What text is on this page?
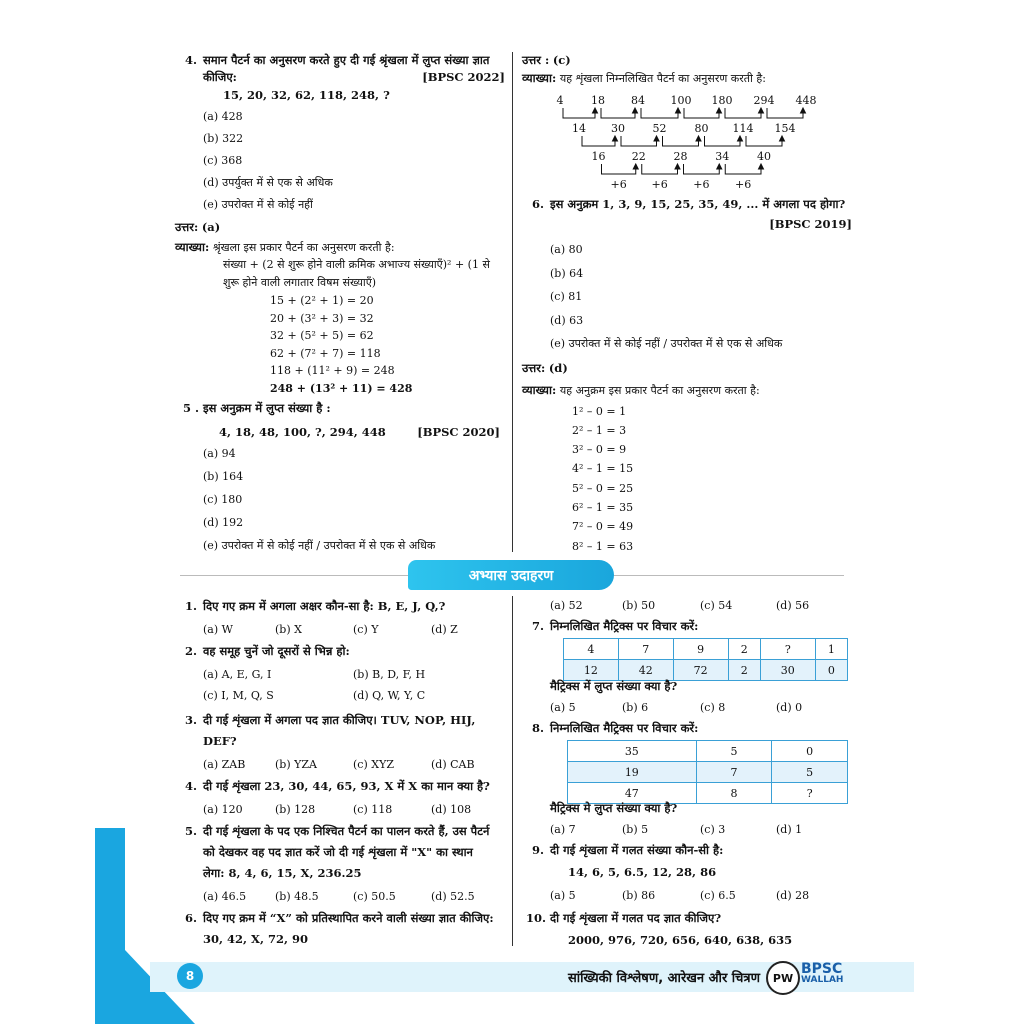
4. समान पैटर्न का अनुसरण करते हुए दी गई श्रृंखला में लुप्त संख्या ज्ञात
कीजिए:	[BPSC 2022]
15, 20, 32, 62, 118, 248, ?
(a) 428
(b) 322
(c) 368
(d) उपर्युक्त में से एक से अधिक
(e) उपरोक्त में से कोई नहीं
उत्तर: (a)
व्याख्या: श्रृंखला इस प्रकार पैटर्न का अनुसरण करती है:
संख्या + (2 से शुरू होने वाली क्रमिक अभाज्य संख्याएँ)² + (1 से
शुरू होने वाली लगातार विषम संख्याएँ)
15 + (2² + 1) = 20
20 + (3² + 3) = 32
32 + (5² + 5) = 62
62 + (7² + 7) = 118
118 + (11² + 9) = 248
248 + (13² + 11) = 428
5 . इस अनुक्रम में लुप्त संख्या है :
4, 18, 48, 100, ?, 294, 448	[BPSC 2020]
(a) 94
(b) 164
(c) 180
(d) 192
(e) उपरोक्त में से कोई नहीं / उपरोक्त में से एक से अधिक
उत्तर : (c)
व्याख्या: यह शृंखला निम्नलिखित पैटर्न का अनुसरण करती है:
4	18 84 100 180 294 448
14 30	52	80 114 154
16 22	28	34	40
+6 +6 +6 +6
6. इस अनुक्रम 1, 3, 9, 15, 25, 35, 49, ... में अगला पद होगा?
[BPSC 2019]
(a) 80
(b) 64
(c) 81
(d) 63
(e) उपरोक्त में से कोई नहीं / उपरोक्त में से एक से अधिक
उत्तर: (d)
व्याख्या: यह अनुक्रम इस प्रकार पैटर्न का अनुसरण करता है:
1² – 0 = 1
2² – 1 = 3
3² – 0 = 9
4² – 1 = 15
5² – 0 = 25
6² – 1 = 35
7² – 0 = 49
8² – 1 = 63
अभ्यास उदाहरण
1. दिए गए क्रम में अगला अक्षर कौन-सा है: B, E, J, Q,?
(a) W	(b) X	(c) Y	(d) Z
2. वह समूह चुनें जो दूसरों से भिन्न हो:
(a) A, E, G, I	(b) B, D, F, H
(c) I, M, Q, S	(d) Q, W, Y, C
3. दी गई शृंखला में अगला पद ज्ञात कीजिए। TUV, NOP, HIJ,
DEF?
(a) ZAB	(b) YZA	(c) XYZ	(d) CAB
4. दी गई शृंखला 23, 30, 44, 65, 93, X में X का मान क्या है?
(a) 120	(b) 128	(c) 118	(d) 108
5. दी गई शृंखला के पद एक निश्चित पैटर्न का पालन करते हैं, उस पैटर्न
को देखकर वह पद ज्ञात करें जो दी गई शृंखला में "X" का स्थान
लेगा: 8, 4, 6, 15, X, 236.25
(a) 46.5	(b) 48.5	(c) 50.5	(d) 52.5
6. दिए गए क्रम में “X” को प्रतिस्थापित करने वाली संख्या ज्ञात कीजिए:
30, 42, X, 72, 90
(a) 52	(b) 50	(c) 54	(d) 56
7. निम्नलिखित मैट्रिक्स पर विचार करें:
4	7	9	2	?	1
12	42	72	2	30	0
मैट्रिक्स में लुप्त संख्या क्या है?
(a) 5	(b) 6	(c) 8	(d) 0
8. निम्नलिखित मैट्रिक्स पर विचार करें:
35	5	0
19	7	5
47	8	?
मैट्रिक्स मे लुप्त संख्या क्या है?
(a) 7	(b) 5	(c) 3	(d) 1
9. दी गई शृंखला में गलत संख्या कौन-सी है:
14, 6, 5, 6.5, 12, 28, 86
(a) 5	(b) 86	(c) 6.5	(d) 28
10. दी गई शृंखला में गलत पद ज्ञात कीजिए?
2000, 976, 720, 656, 640, 638, 635
8	सांख्यिकी विश्लेषण, आरेखन और चित्रण	PW
BPSC
WALLAH
